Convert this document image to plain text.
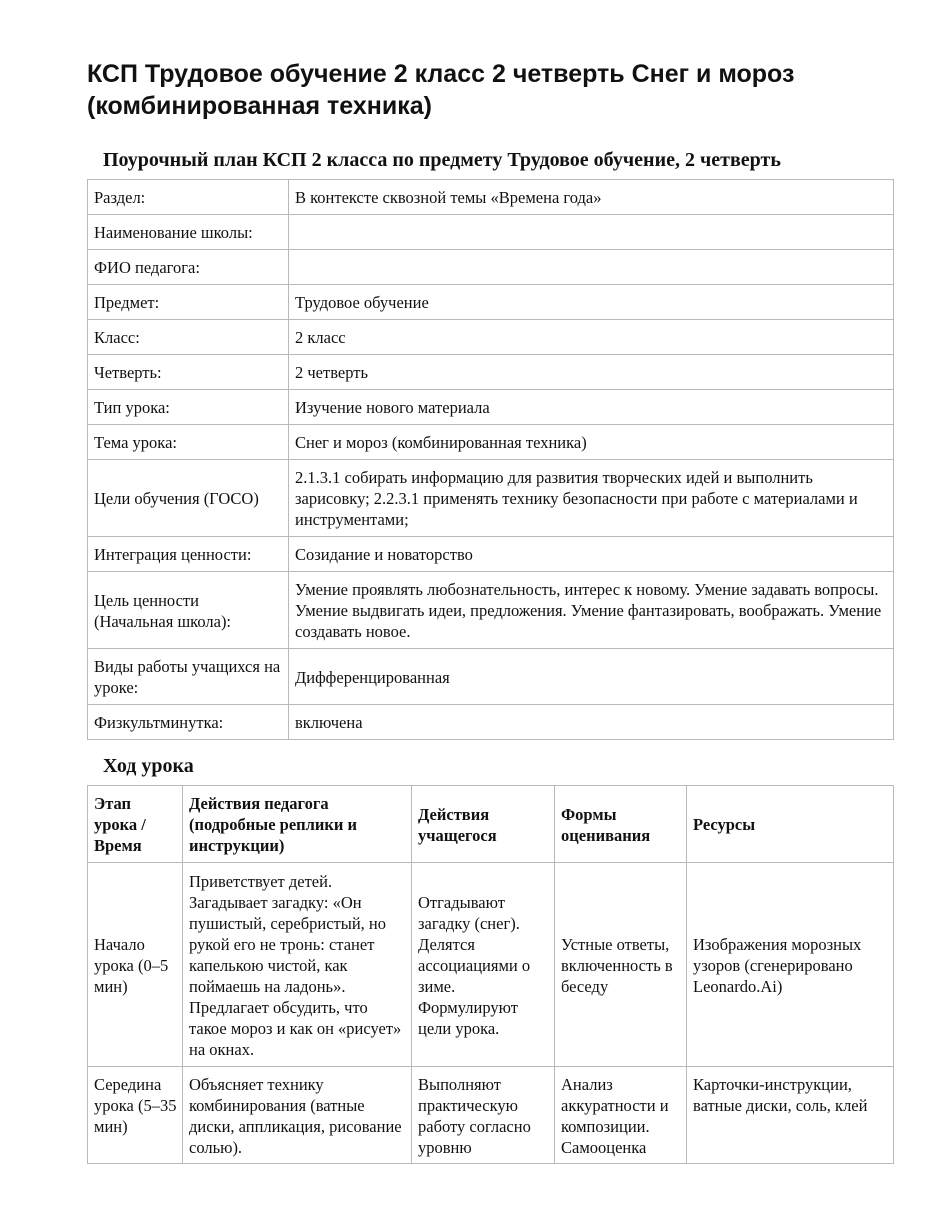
КСП Трудовое обучение 2 класс 2 четверть Снег и мороз (комбинированная техника)
Поурочный план КСП 2 класса по предмету Трудовое обучение, 2 четверть
Раздел:	В контексте сквозной темы «Времена года»
Наименование школы:	
ФИО педагога:	
Предмет:	Трудовое обучение
Класс:	2 класс
Четверть:	2 четверть
Тип урока:	Изучение нового материала
Тема урока:	Снег и мороз (комбинированная техника)
Цели обучения (ГОСО)	2.1.3.1 собирать информацию для развития творческих идей и выполнить зарисовку; 2.2.3.1 применять технику безопасности при работе с материалами и инструментами;
Интеграция ценности:	Созидание и новаторство
Цель ценности (Начальная школа):	Умение проявлять любознательность, интерес к новому. Умение задавать вопросы. Умение выдвигать идеи, предложения. Умение фантазировать, воображать. Умение создавать новое.
Виды работы учащихся на уроке:	Дифференцированная
Физкультминутка:	включена
Ход урока
Этап урока / Время	Действия педагога (подробные реплики и инструкции)	Действия учащегося	Формы оценивания	Ресурсы
Начало урока (0–5 мин)	Приветствует детей. Загадывает загадку: «Он пушистый, серебристый, но рукой его не тронь: станет капелькою чистой, как поймаешь на ладонь». Предлагает обсудить, что такое мороз и как он «рисует» на окнах.	Отгадывают загадку (снег). Делятся ассоциациями о зиме. Формулируют цели урока.	Устные ответы, включенность в беседу	Изображения морозных узоров (сгенерировано Leonardo.Ai)
Середина урока (5–35 мин)	Объясняет технику комбинирования (ватные диски, аппликация, рисование солью).	Выполняют практическую работу согласно уровню	Анализ аккуратности и композиции. Самооценка	Карточки-инструкции, ватные диски, соль, клей
